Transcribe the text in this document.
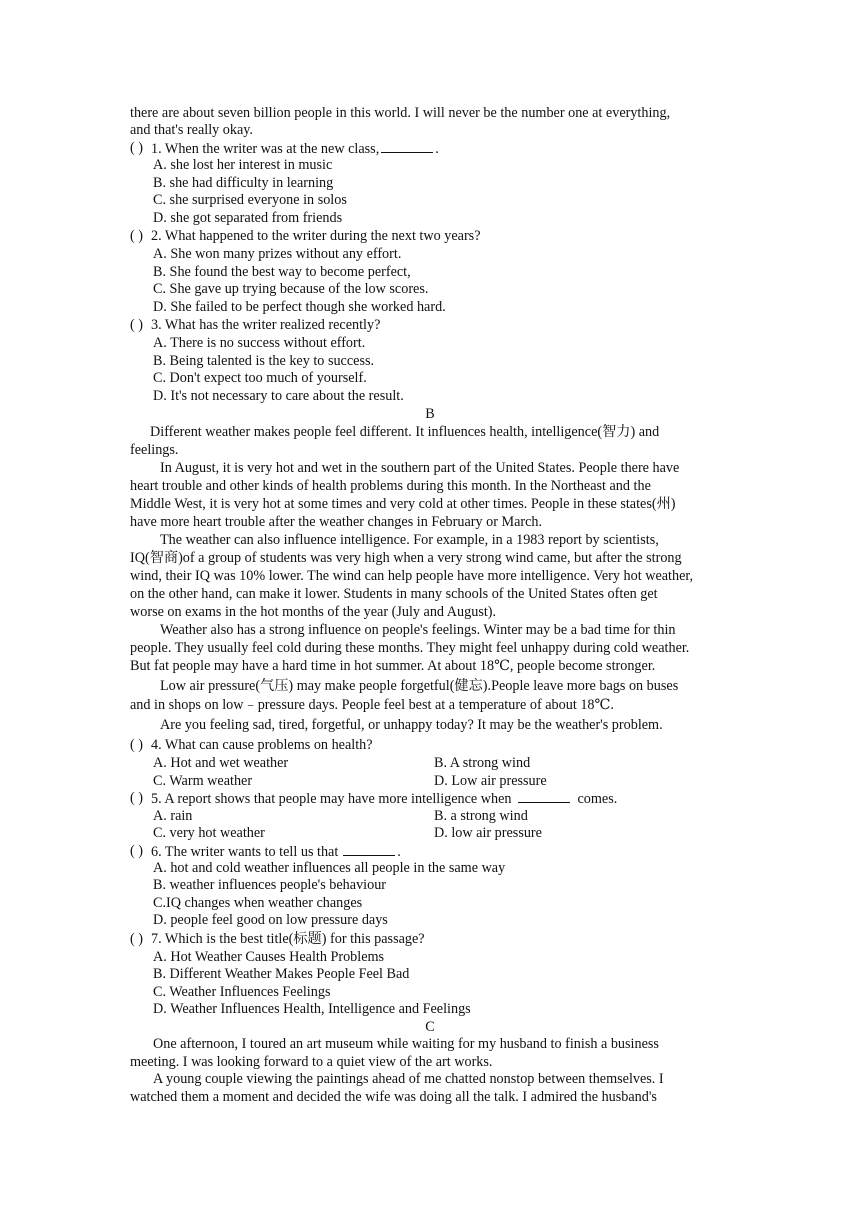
there are about seven billion people in this world. I will never be the number one at everything,
and that's really okay.
( ) 1. When the writer was at the new class,	.
A. she lost her interest in music
B. she had difficulty in learning
C. she surprised everyone in solos
D. she got separated from friends
( ) 2. What happened to the writer during the next two years?
A. She won many prizes without any effort.
B. She found the best way to become perfect,
C. She gave up trying because of the low scores.
D. She failed to be perfect though she worked hard.
( ) 3. What has the writer realized recently?
A. There is no success without effort.
B. Being talented is the key to success.
C. Don't expect too much of yourself.
D. It's not necessary to care about the result.
B
Different weather makes people feel different. It influences health, intelligence(智力) and
feelings.
In August, it is very hot and wet in the southern part of the United States. People there have
heart trouble and other kinds of health problems during this month. In the Northeast and the
Middle West, it is very hot at some times and very cold at other times. People in these states(州)
have more heart trouble after the weather changes in February or March.
The weather can also influence intelligence. For example, in a 1983 report by scientists,
IQ(智商)of a group of students was very high when a very strong wind came, but after the strong
wind, their IQ was 10% lower. The wind can help people have more intelligence. Very hot weather,
on the other hand, can make it lower. Students in many schools of the United States often get
worse on exams in the hot months of the year (July and August).
Weather also has a strong influence on people's feelings. Winter may be a bad time for thin
people. They usually feel cold during these months. They might feel unhappy during cold weather.
But fat people may have a hard time in hot summer. At about 18℃, people become stronger.
Low air pressure(气压) may make people forgetful(健忘).People leave more bags on buses
and in shops on low﹣pressure days. People feel best at a temperature of about 18℃.
Are you feeling sad, tired, forgetful, or unhappy today? It may be the weather's problem.
( ) 4. What can cause problems on health?
A. Hot and wet weather	B. A strong wind
C. Warm weather	D. Low air pressure
( ) 5. A report shows that people may have more intelligence when	comes.
A. rain	B. a strong wind
C. very hot weather	D. low air pressure
( ) 6. The writer wants to tell us that	.
A. hot and cold weather influences all people in the same way
B. weather influences people's behaviour
C.IQ changes when weather changes
D. people feel good on low pressure days
( ) 7. Which is the best title(标题) for this passage?
A. Hot Weather Causes Health Problems
B. Different Weather Makes People Feel Bad
C. Weather Influences Feelings
D. Weather Influences Health, Intelligence and Feelings
C
One afternoon, I toured an art museum while waiting for my husband to finish a business
meeting. I was looking forward to a quiet view of the art works.
A young couple viewing the paintings ahead of me chatted nonstop between themselves. I
watched them a moment and decided the wife was doing all the talk. I admired the husband's
